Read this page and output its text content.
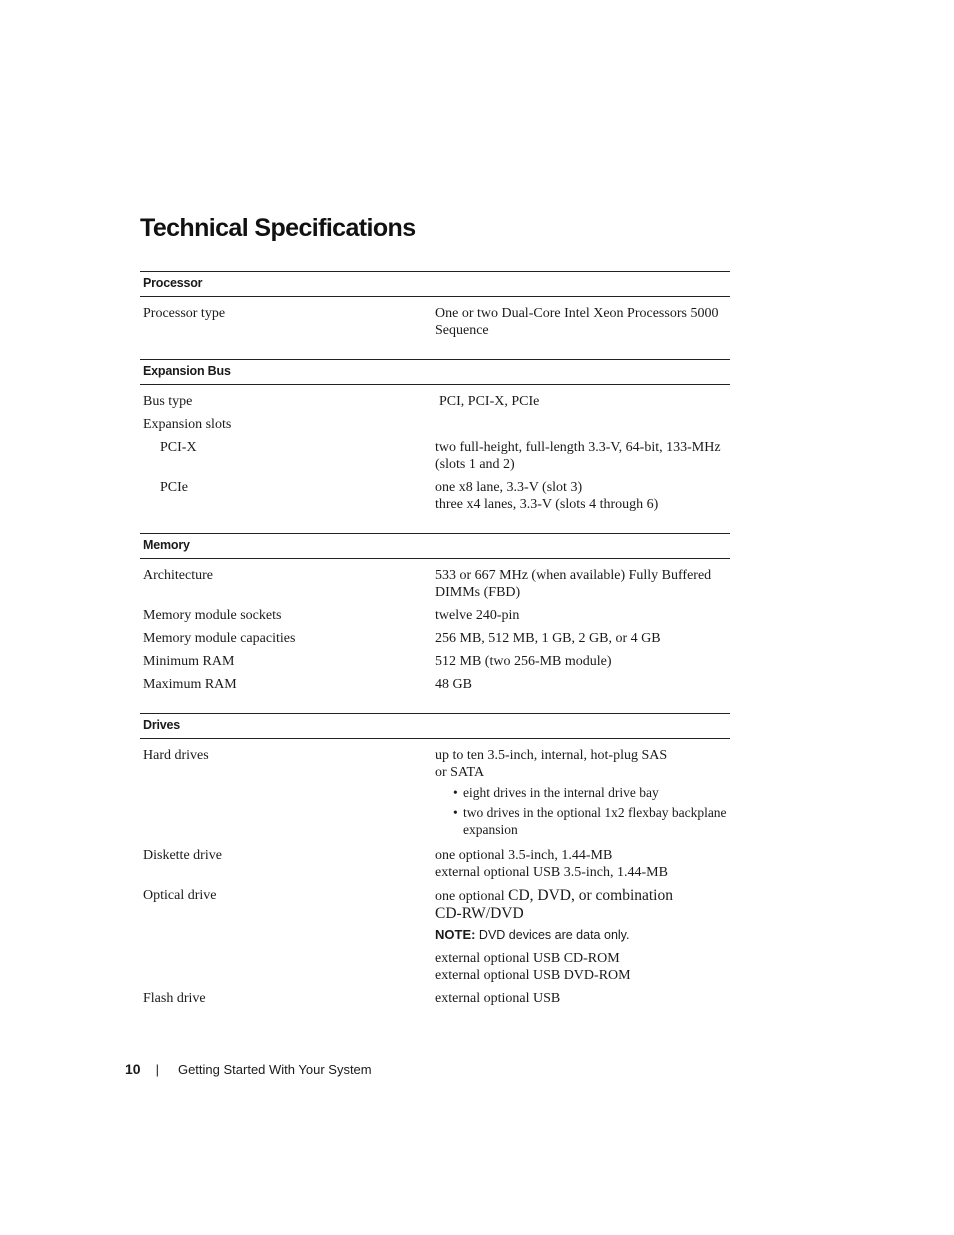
Technical Specifications
Processor
Processor type	One or two Dual-Core Intel Xeon Processors 5000
Sequence
Expansion Bus
Bus type	PCI, PCI-X, PCIe
Expansion slots
PCI-X	two full-height, full-length 3.3-V, 64-bit, 133-MHz
(slots 1 and 2)
PCIe	one x8 lane, 3.3-V (slot 3)
three x4 lanes, 3.3-V (slots 4 through 6)
Memory
Architecture	533 or 667 MHz (when available) Fully Buffered
DIMMs (FBD)
Memory module sockets	twelve 240-pin
Memory module capacities	256 MB, 512 MB, 1 GB, 2 GB, or 4 GB
Minimum RAM	512 MB (two 256-MB module)
Maximum RAM	48 GB
Drives
Hard drives	up to ten 3.5-inch, internal, hot-plug SAS
or SATA
• eight drives in the internal drive bay
• two drives in the optional 1x2 flexbay backplane expansion
Diskette drive	one optional 3.5-inch, 1.44-MB
external optional USB 3.5-inch, 1.44-MB
Optical drive	one optional CD, DVD, or combination
CD-RW/DVD
NOTE: DVD devices are data only.
external optional USB CD-ROM
external optional USB DVD-ROM
Flash drive	external optional USB
10 | Getting Started With Your System
